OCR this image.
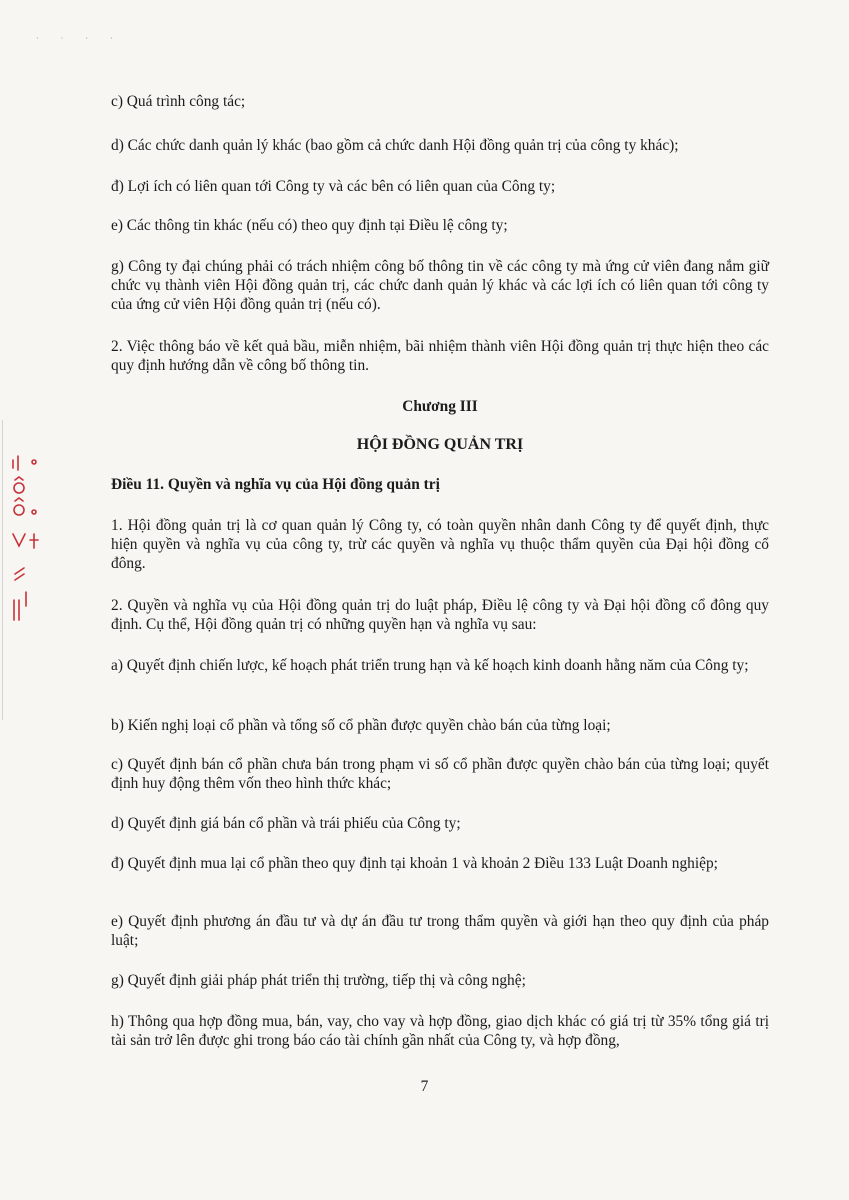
· · · ·

c) Quá trình công tác;

d) Các chức danh quản lý khác (bao gồm cả chức danh Hội đồng quản trị của công ty khác);

đ) Lợi ích có liên quan tới Công ty và các bên có liên quan của Công ty;

e) Các thông tin khác (nếu có) theo quy định tại Điều lệ công ty;

g) Công ty đại chúng phải có trách nhiệm công bố thông tin về các công ty mà ứng cử viên đang nắm giữ chức vụ thành viên Hội đồng quản trị, các chức danh quản lý khác và các lợi ích có liên quan tới công ty của ứng cử viên Hội đồng quản trị (nếu có).

2. Việc thông báo về kết quả bầu, miễn nhiệm, bãi nhiệm thành viên Hội đồng quản trị thực hiện theo các quy định hướng dẫn về công bố thông tin.

Chương III

HỘI ĐỒNG QUẢN TRỊ

Điều 11. Quyền và nghĩa vụ của Hội đồng quản trị

1. Hội đồng quản trị là cơ quan quản lý Công ty, có toàn quyền nhân danh Công ty để quyết định, thực hiện quyền và nghĩa vụ của công ty, trừ các quyền và nghĩa vụ thuộc thẩm quyền của Đại hội đồng cổ đông.

2. Quyền và nghĩa vụ của Hội đồng quản trị do luật pháp, Điều lệ công ty và Đại hội đồng cổ đông quy định. Cụ thể, Hội đồng quản trị có những quyền hạn và nghĩa vụ sau:

a) Quyết định chiến lược, kế hoạch phát triển trung hạn và kế hoạch kinh doanh hằng năm của Công ty;

b) Kiến nghị loại cổ phần và tổng số cổ phần được quyền chào bán của từng loại;

c) Quyết định bán cổ phần chưa bán trong phạm vi số cổ phần được quyền chào bán của từng loại; quyết định huy động thêm vốn theo hình thức khác;

d) Quyết định giá bán cổ phần và trái phiếu của Công ty;

đ) Quyết định mua lại cổ phần theo quy định tại khoản 1 và khoản 2 Điều 133 Luật Doanh nghiệp;

e) Quyết định phương án đầu tư và dự án đầu tư trong thẩm quyền và giới hạn theo quy định của pháp luật;

g) Quyết định giải pháp phát triển thị trường, tiếp thị và công nghệ;

h) Thông qua hợp đồng mua, bán, vay, cho vay và hợp đồng, giao dịch khác có giá trị từ 35% tổng giá trị tài sản trở lên được ghi trong báo cáo tài chính gần nhất của Công ty, và hợp đồng,

7
